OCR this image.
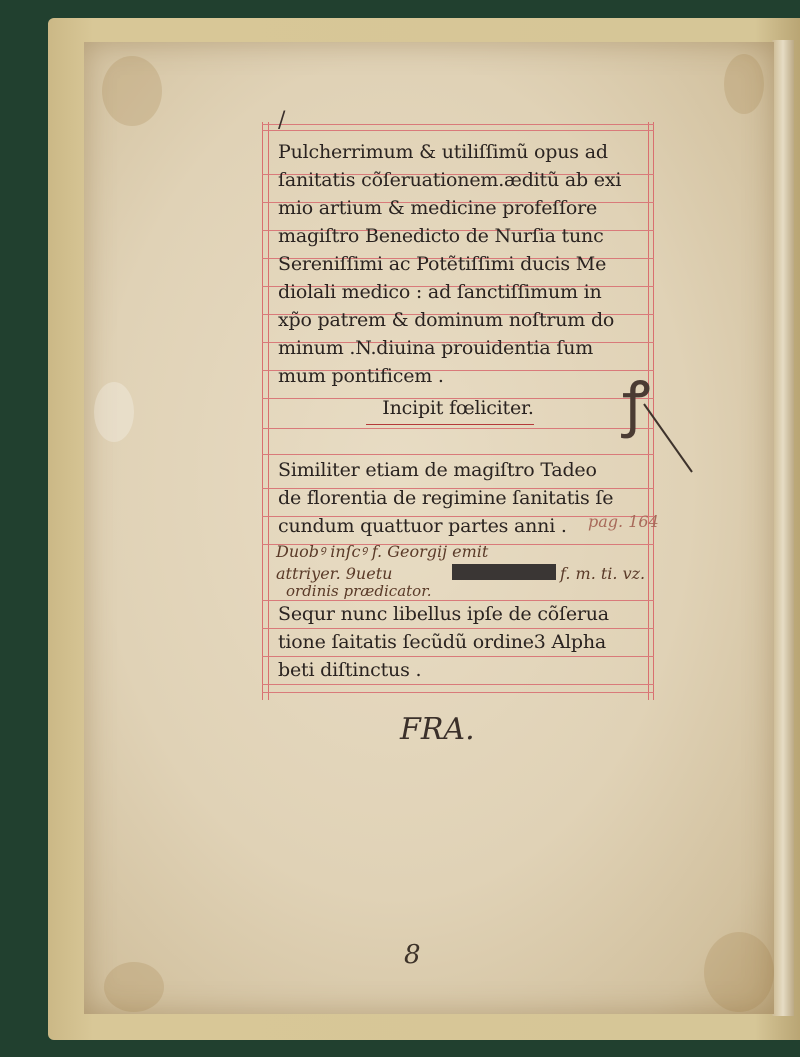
Pulcherrimum & utiliſſimũ opus ad
ſanitatis cõſeruationem.æditũ ab exi
mio artium & medicine profeſſore
magiſtro Benedicto de Nurſia tunc
Sereniſſimi ac Potẽtiſſimi ducis Me
diolali medico : ad ſanctiſſimum in
xp̃o patrem & dominum noſtrum do
minum .N.diuina prouidentia ſum
mum pontificem .
Incipit fœliciter.
Similiter etiam de magiſtro Tadeo
de florentia de regimine ſanitatis ſe
cundum quattuor partes anni .	pag. 164
Duobꝰ inſcꝰ f. Georgij emit
attriyer. 9uetu	f. m. ti. vz.
ordinis prædicator.
Sequr nunc libellus ipſe de cõſerua
tione ſaitatis ſecũdũ ordine3 Alpha
beti diſtinctus .
ꝭ
/
FRA.
8
